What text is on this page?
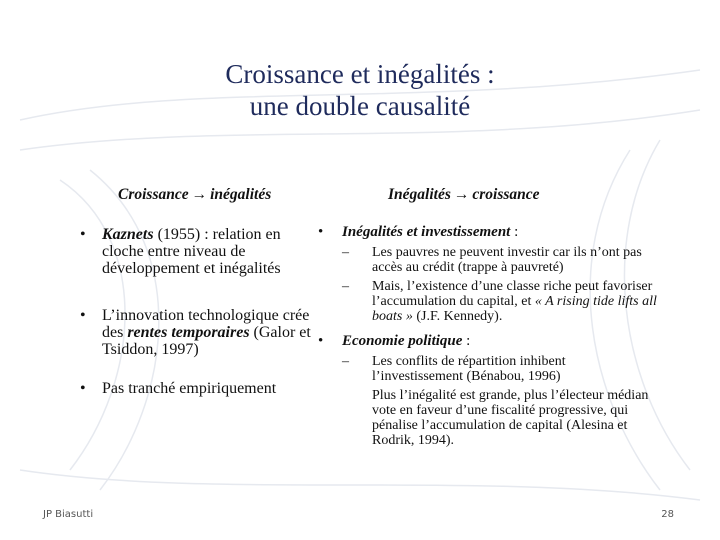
Croissance et inégalités :
une double causalité
Croissance → inégalités	Inégalités → croissance
• Kaznets (1955) : relation en cloche entre niveau de développement et inégalités
• L’innovation technologique crée des rentes temporaires (Galor et Tsiddon, 1997)
• Pas tranché empiriquement
• Inégalités et investissement :
– Les pauvres ne peuvent investir car ils n’ont pas accès au crédit (trappe à pauvreté)
– Mais, l’existence d’une classe riche peut favoriser l’accumulation du capital, et « A rising tide lifts all boats » (J.F. Kennedy).
• Economie politique :
– Les conflits de répartition inhibent l’investissement (Bénabou, 1996)
Plus l’inégalité est grande, plus l’électeur médian vote en faveur d’une fiscalité progressive, qui pénalise l’accumulation de capital (Alesina et Rodrik, 1994).
JP Biasutti	28
